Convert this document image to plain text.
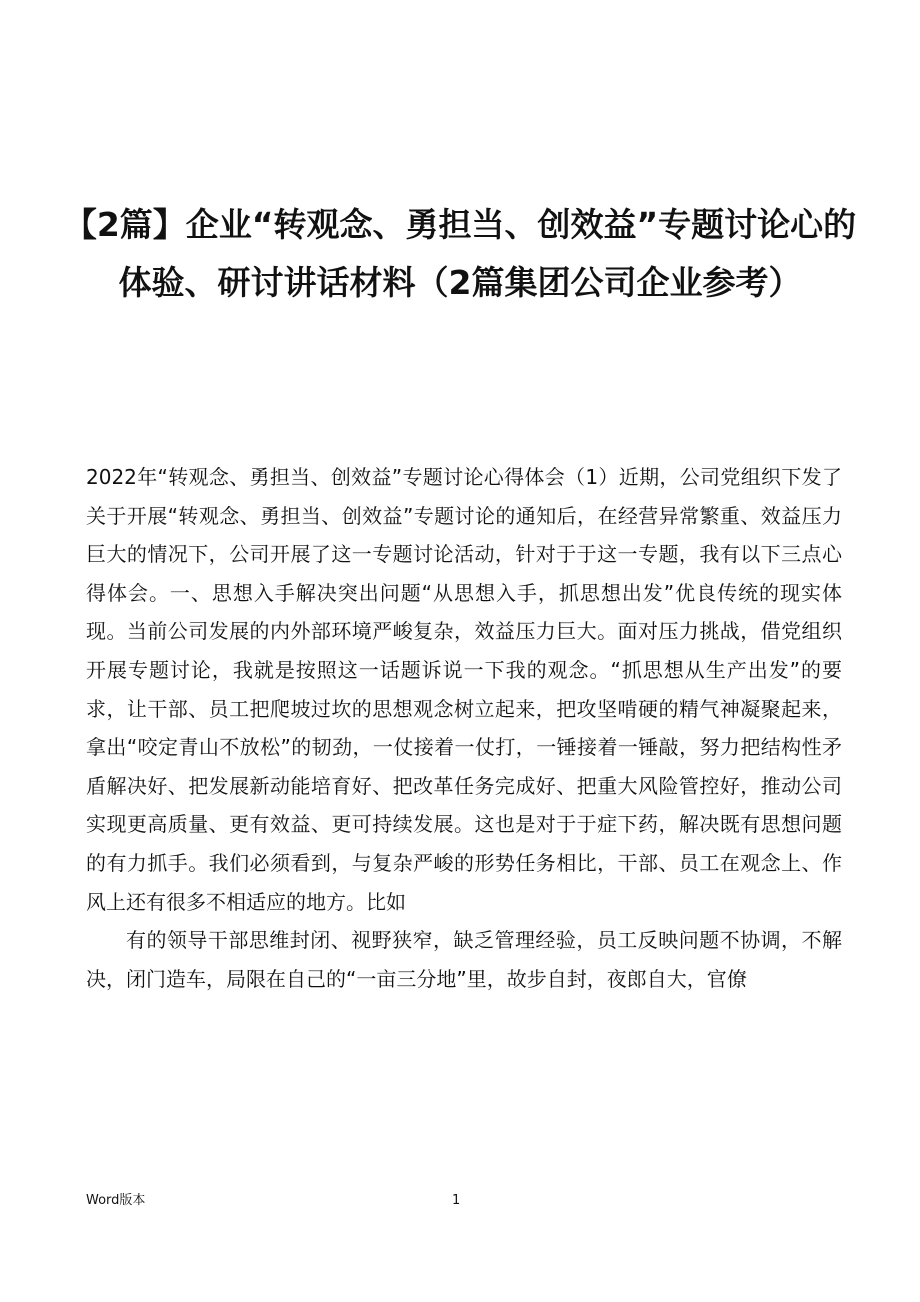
【2篇】企业“转观念、勇担当、创效益”专题讨论心的体验、研讨讲话材料（2篇集团公司企业参考）

2022年“转观念、勇担当、创效益”专题讨论心得体会（1）近期，公司党组织下发了关于开展“转观念、勇担当、创效益”专题讨论的通知后，在经营异常繁重、效益压力巨大的情况下，公司开展了这一专题讨论活动，针对于于这一专题，我有以下三点心得体会。一、思想入手解决突出问题“从思想入手，抓思想出发”优良传统的现实体现。当前公司发展的内外部环境严峻复杂，效益压力巨大。面对压力挑战，借党组织开展专题讨论，我就是按照这一话题诉说一下我的观念。“抓思想从生产出发”的要求，让干部、员工把爬坡过坎的思想观念树立起来，把攻坚啃硬的精气神凝聚起来，拿出“咬定青山不放松”的韧劲，一仗接着一仗打，一锤接着一锤敲，努力把结构性矛盾解决好、把发展新动能培育好、把改革任务完成好、把重大风险管控好，推动公司实现更高质量、更有效益、更可持续发展。这也是对于于症下药，解决既有思想问题的有力抓手。我们必须看到，与复杂严峻的形势任务相比，干部、员工在观念上、作风上还有很多不相适应的地方。比如

有的领导干部思维封闭、视野狭窄，缺乏管理经验，员工反映问题不协调，不解决，闭门造车，局限在自己的“一亩三分地”里，故步自封，夜郎自大，官僚

Word版本	1
